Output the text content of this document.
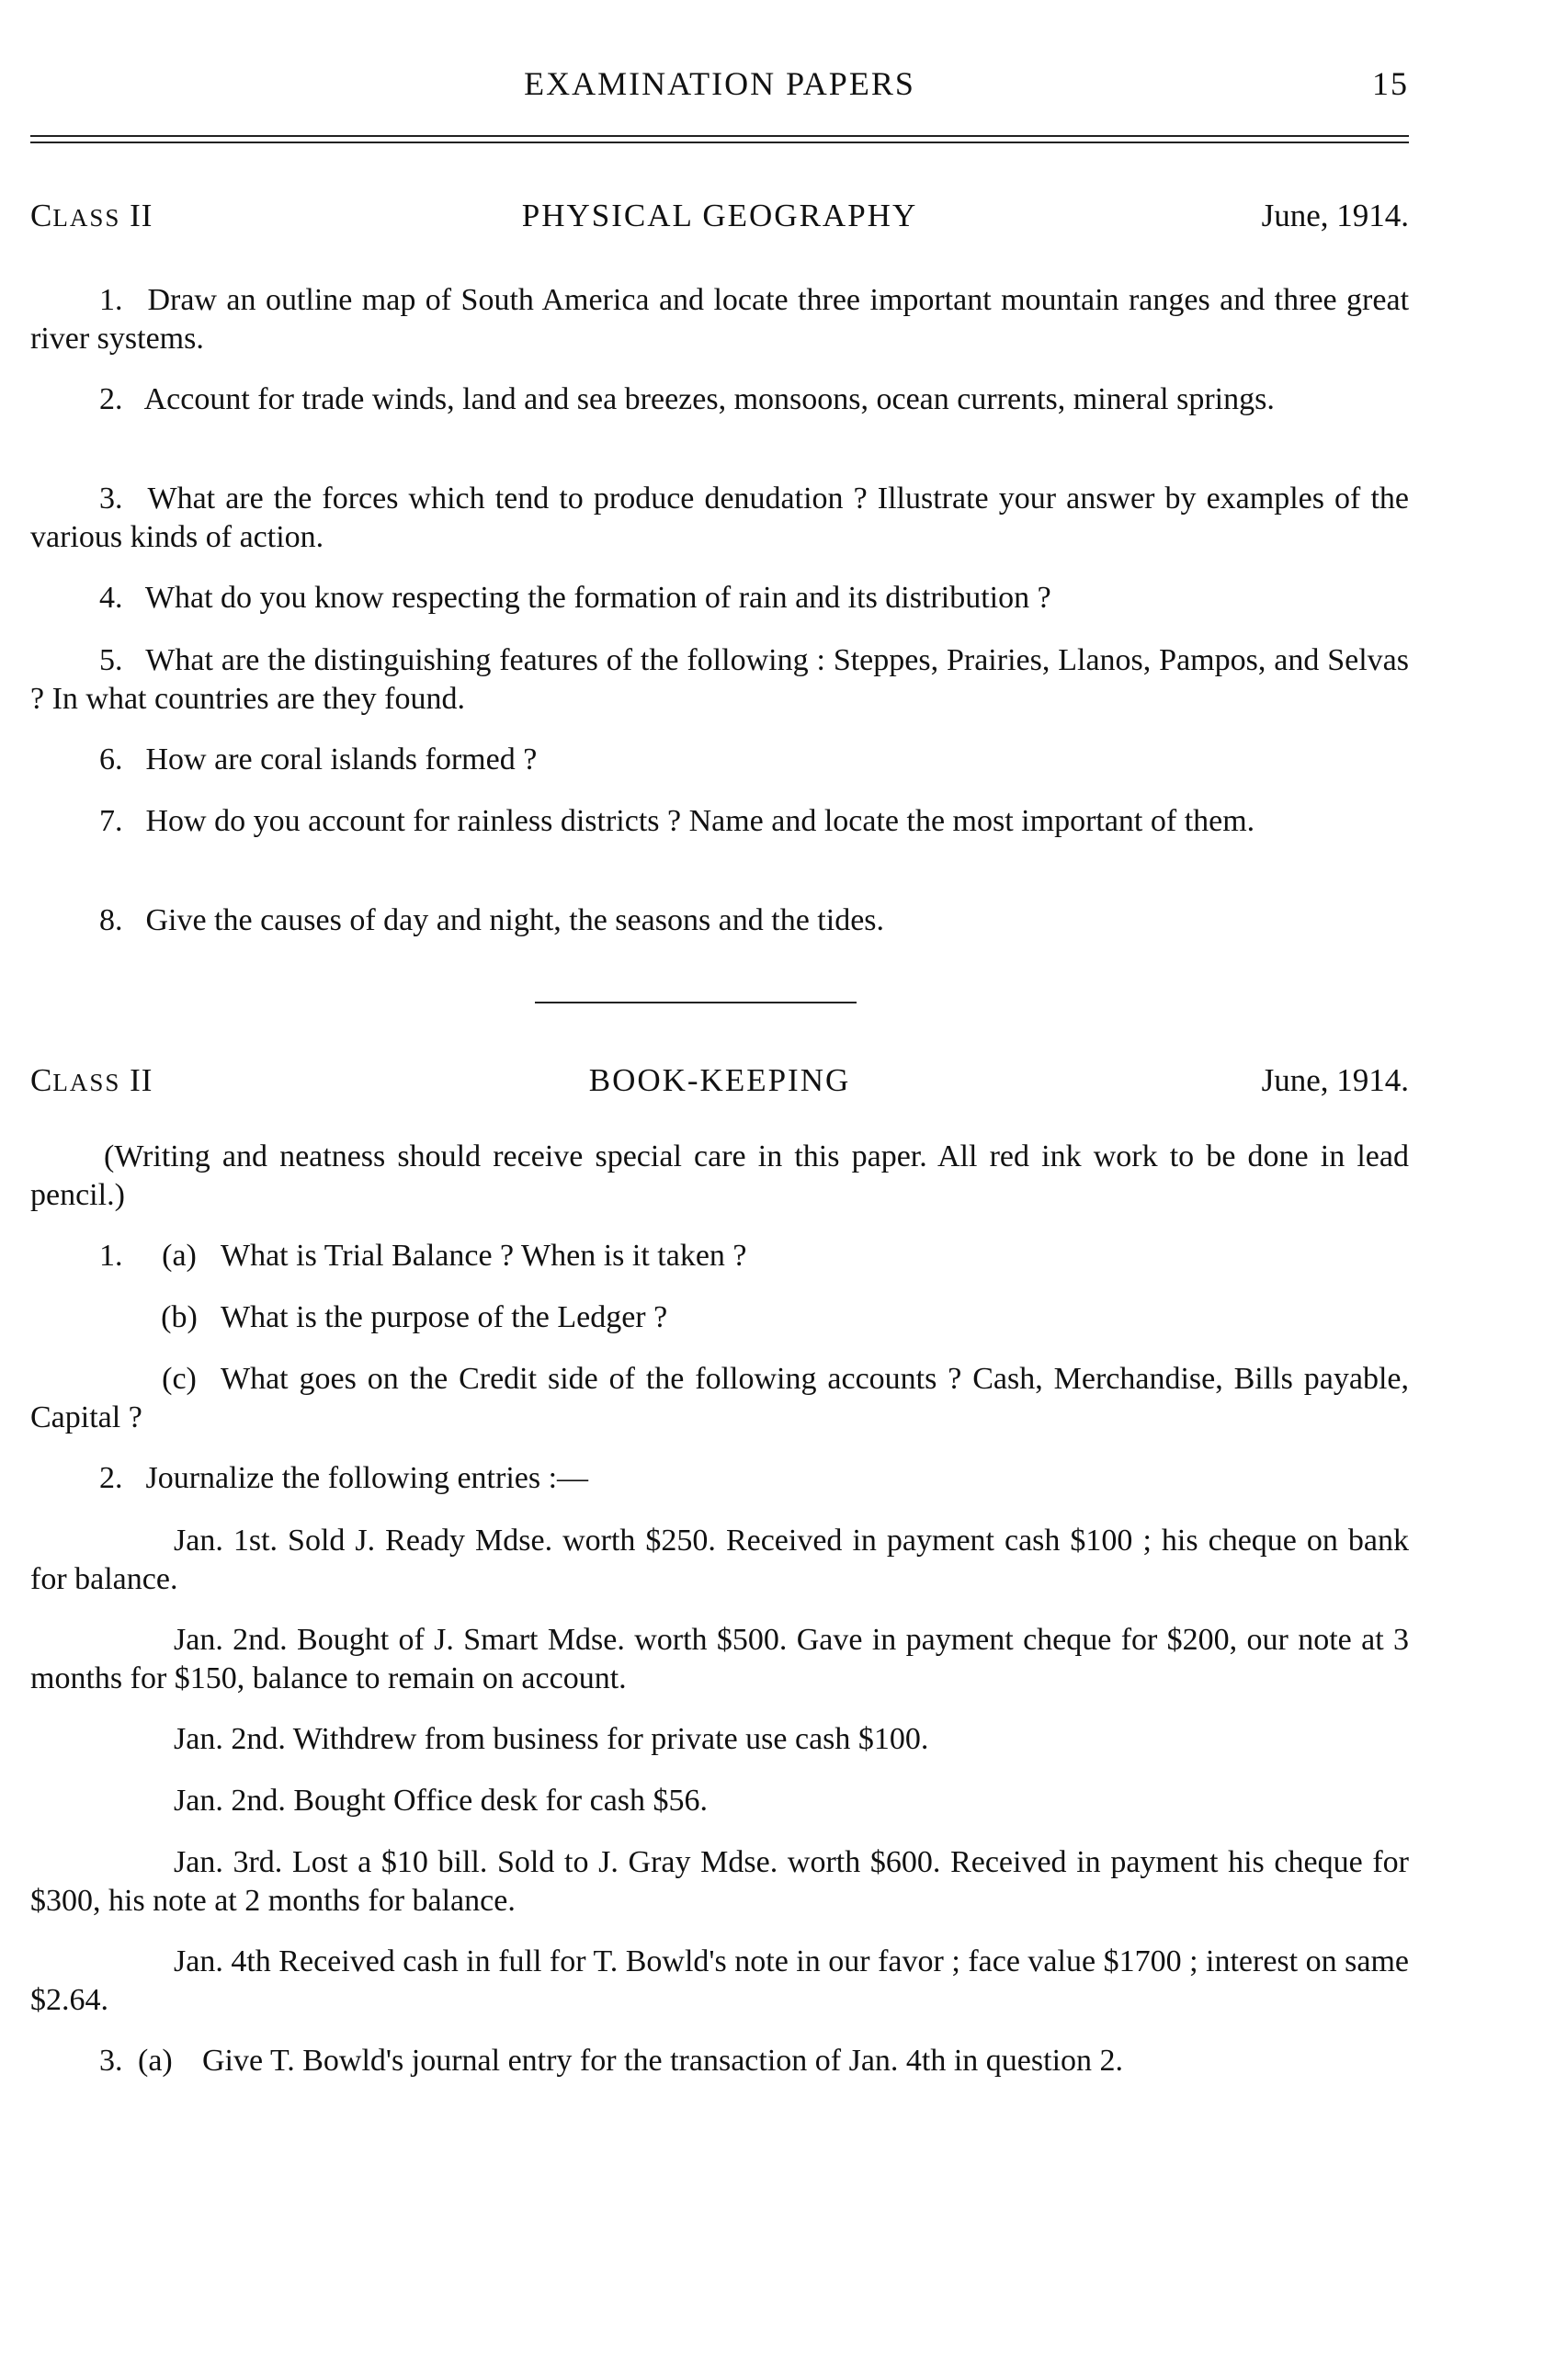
EXAMINATION PAPERS	15
CLASS II	PHYSICAL GEOGRAPHY	June, 1914.
1. Draw an outline map of South America and locate three important mountain ranges and three great river systems.
2. Account for trade winds, land and sea breezes, monsoons, ocean currents, mineral springs.
3. What are the forces which tend to produce denudation ? Illustrate your answer by examples of the various kinds of action.
4. What do you know respecting the formation of rain and its distribution ?
5. What are the distinguishing features of the following : Steppes, Prairies, Llanos, Pampos, and Selvas ? In what countries are they found.
6. How are coral islands formed ?
7. How do you account for rainless districts ? Name and locate the most important of them.
8. Give the causes of day and night, the seasons and the tides.
CLASS II	BOOK-KEEPING	June, 1914.
(Writing and neatness should receive special care in this paper. All red ink work to be done in lead pencil.)
1. (a) What is Trial Balance ? When is it taken ?
(b) What is the purpose of the Ledger ?
(c) What goes on the Credit side of the following accounts ? Cash, Merchandise, Bills payable, Capital ?
2. Journalize the following entries :—
Jan. 1st. Sold J. Ready Mdse. worth $250. Received in payment cash $100 ; his cheque on bank for balance.
Jan. 2nd. Bought of J. Smart Mdse. worth $500. Gave in payment cheque for $200, our note at 3 months for $150, balance to remain on account.
Jan. 2nd. Withdrew from business for private use cash $100.
Jan. 2nd. Bought Office desk for cash $56.
Jan. 3rd. Lost a $10 bill. Sold to J. Gray Mdse. worth $600. Received in payment his cheque for $300, his note at 2 months for balance.
Jan. 4th Received cash in full for T. Bowld's note in our favor ; face value $1700 ; interest on same $2.64.
3. (a) Give T. Bowld's journal entry for the transaction of Jan. 4th in question 2.
